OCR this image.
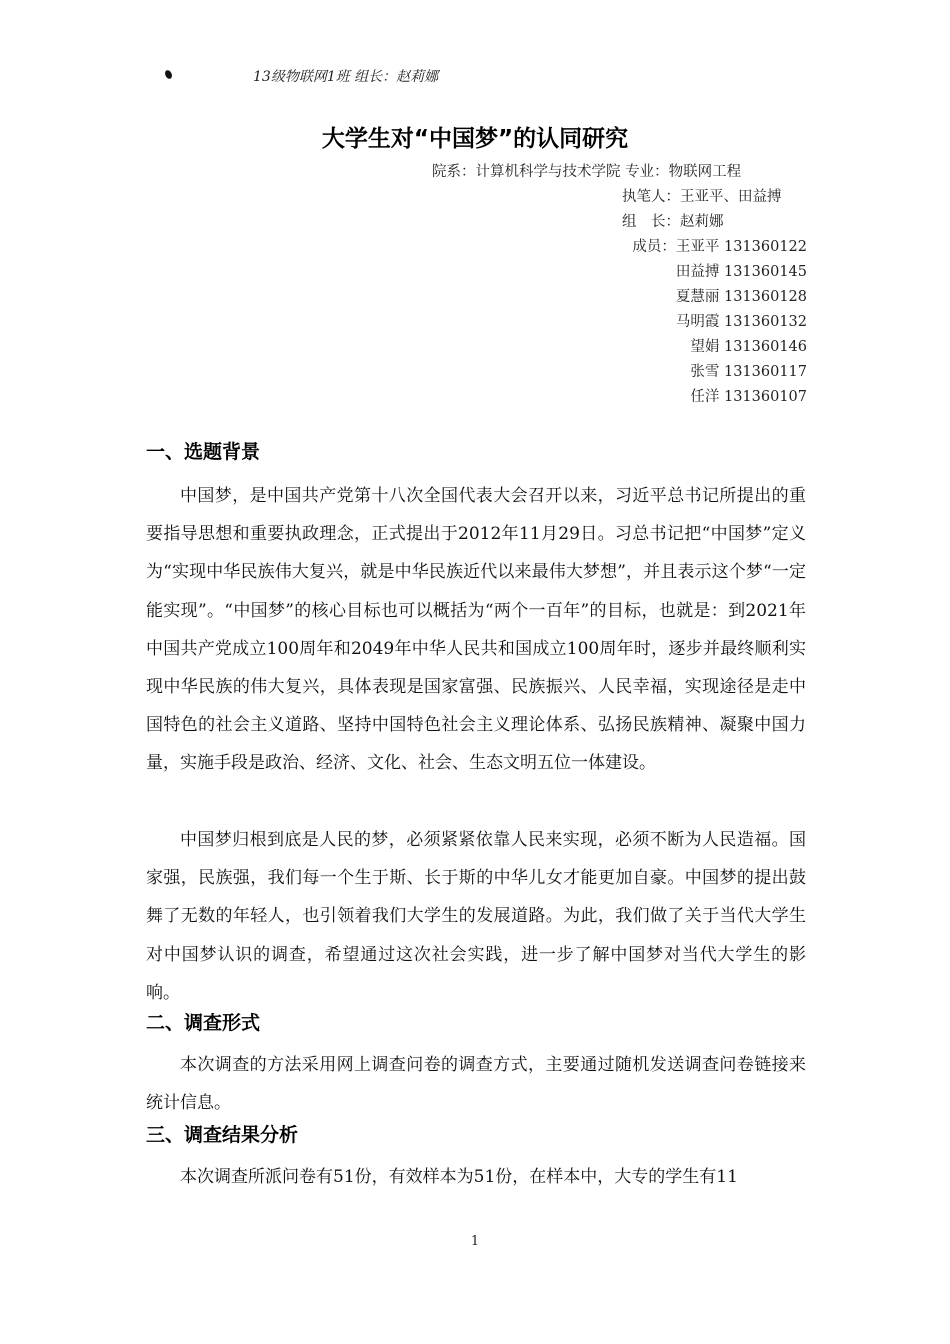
13级物联网1班 组长：赵莉娜
大学生对“中国梦”的认同研究
院系：计算机科学与技术学院 专业：物联网工程
执笔人：王亚平、田益搏
组　长：赵莉娜
成员：王亚平 131360122
田益搏 131360145
夏慧丽 131360128
马明霞 131360132
望娟 131360146
张雪 131360117
任洋 131360107
一、选题背景

中国梦，是中国共产党第十八次全国代表大会召开以来，习近平总书记所提出的重要指导思想和重要执政理念，正式提出于2012年11月29日。习总书记把“中国梦”定义为“实现中华民族伟大复兴，就是中华民族近代以来最伟大梦想”，并且表示这个梦“一定能实现”。“中国梦”的核心目标也可以概括为“两个一百年”的目标，也就是：到2021年中国共产党成立100周年和2049年中华人民共和国成立100周年时，逐步并最终顺利实现中华民族的伟大复兴，具体表现是国家富强、民族振兴、人民幸福，实现途径是走中国特色的社会主义道路、坚持中国特色社会主义理论体系、弘扬民族精神、凝聚中国力量，实施手段是政治、经济、文化、社会、生态文明五位一体建设。

中国梦归根到底是人民的梦，必须紧紧依靠人民来实现，必须不断为人民造福。国家强，民族强，我们每一个生于斯、长于斯的中华儿女才能更加自豪。中国梦的提出鼓舞了无数的年轻人，也引领着我们大学生的发展道路。为此，我们做了关于当代大学生对中国梦认识的调查，希望通过这次社会实践，进一步了解中国梦对当代大学生的影响。

二、调查形式

本次调查的方法采用网上调查问卷的调查方式，主要通过随机发送调查问卷链接来统计信息。

三、调查结果分析

本次调查所派问卷有51份，有效样本为51份，在样本中，大专的学生有11

1
